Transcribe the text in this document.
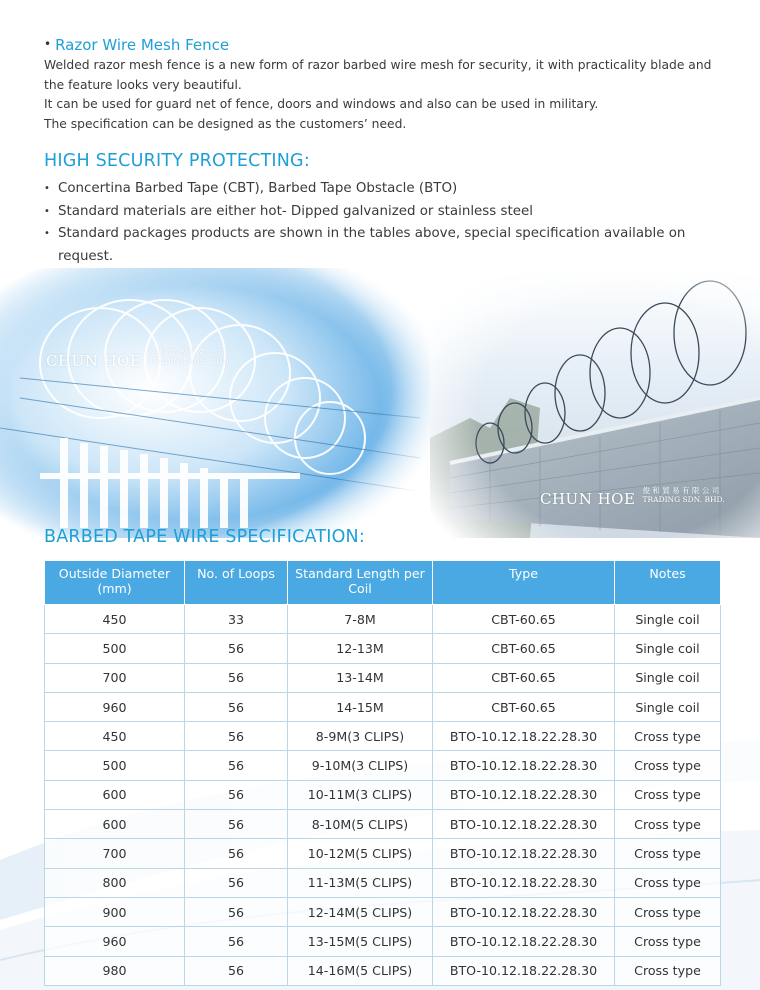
• Razor Wire Mesh Fence

Welded razor mesh fence is a new form of razor barbed wire mesh for security, it with practicality blade and the feature looks very beautiful.

It can be used for guard net of fence, doors and windows and also can be used in military.

The specification can be designed as the customers’ need.

HIGH SECURITY PROTECTING:
• Concertina Barbed Tape (CBT), Barbed Tape Obstacle (BTO)
• Standard materials are either hot- Dipped galvanized or stainless steel
• Standard packages products are shown in the tables above, special specification available on request.
CHUN HOE 俊 和 貿 易 有 限 公 司
TRADING SDN. BHD.
CHUN HOE 俊 和 貿 易 有 限 公 司
TRADING SDN. BHD.
BARBED TAPE WIRE SPECIFICATION:
Outside Diameter (mm)	No. of Loops	Standard Length per Coil	Type	Notes
450	33	7-8M	CBT-60.65	Single coil
500	56	12-13M	CBT-60.65	Single coil
700	56	13-14M	CBT-60.65	Single coil
960	56	14-15M	CBT-60.65	Single coil
450	56	8-9M(3 CLIPS)	BTO-10.12.18.22.28.30	Cross type
500	56	9-10M(3 CLIPS)	BTO-10.12.18.22.28.30	Cross type
600	56	10-11M(3 CLIPS)	BTO-10.12.18.22.28.30	Cross type
600	56	8-10M(5 CLIPS)	BTO-10.12.18.22.28.30	Cross type
700	56	10-12M(5 CLIPS)	BTO-10.12.18.22.28.30	Cross type
800	56	11-13M(5 CLIPS)	BTO-10.12.18.22.28.30	Cross type
900	56	12-14M(5 CLIPS)	BTO-10.12.18.22.28.30	Cross type
960	56	13-15M(5 CLIPS)	BTO-10.12.18.22.28.30	Cross type
980	56	14-16M(5 CLIPS)	BTO-10.12.18.22.28.30	Cross type
